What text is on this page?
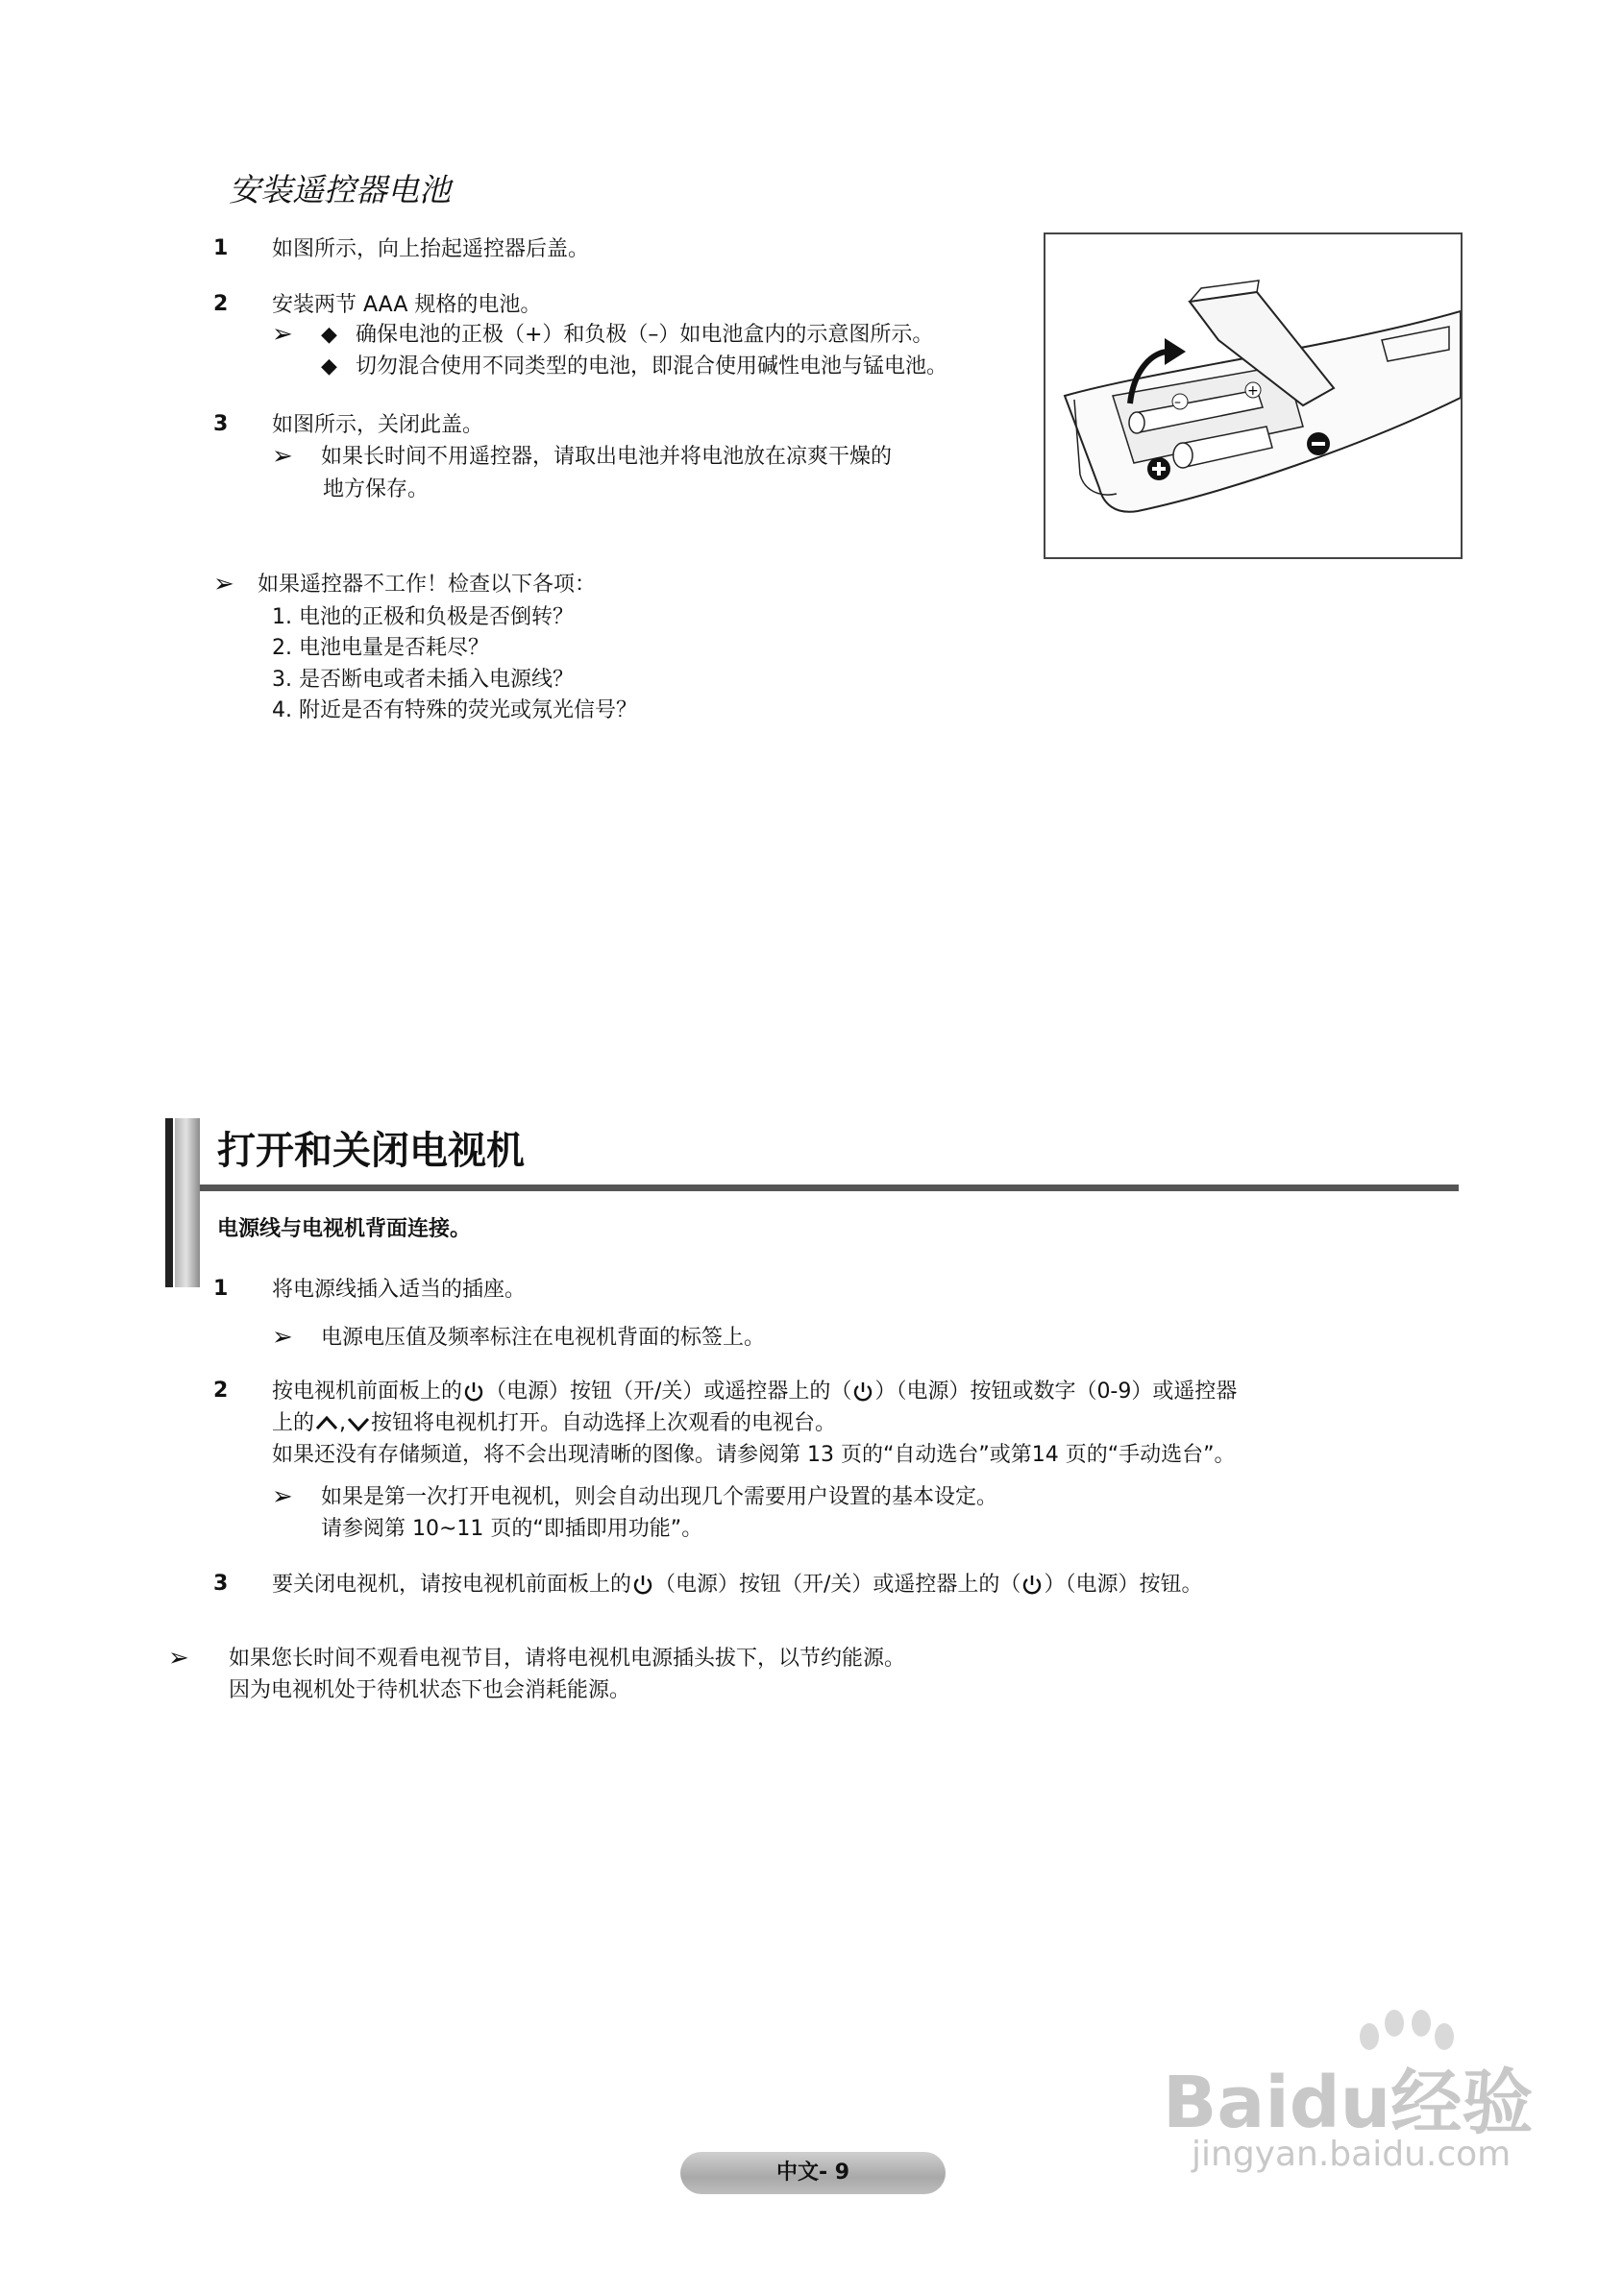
安装遥控器电池
1 如图所示，向上抬起遥控器后盖。
2 安装两节 AAA 规格的电池。
➢ ◆ 确保电池的正极（+）和负极（–）如电池盒内的示意图所示。
◆ 切勿混合使用不同类型的电池，即混合使用碱性电池与锰电池。
3 如图所示，关闭此盖。
➢ 如果长时间不用遥控器，请取出电池并将电池放在凉爽干燥的
地方保存。
–
+
➢ 如果遥控器不工作！检查以下各项：
1. 电池的正极和负极是否倒转？
2. 电池电量是否耗尽？
3. 是否断电或者未插入电源线？
4. 附近是否有特殊的荧光或氖光信号？
打开和关闭电视机
电源线与电视机背面连接。
1 将电源线插入适当的插座。
➢ 电源电压值及频率标注在电视机背面的标签上。
2 按电视机前面板上的 （电源）按钮（开/关）或遥控器上的（ ）（电源）按钮或数字（0-9）或遥控器
上的 , 按钮将电视机打开。自动选择上次观看的电视台。
如果还没有存储频道，将不会出现清晰的图像。请参阅第 13 页的“自动选台”或第14 页的“手动选台”。
➢ 如果是第一次打开电视机，则会自动出现几个需要用户设置的基本设定。
请参阅第 10~11 页的“即插即用功能”。
3 要关闭电视机，请按电视机前面板上的 （电源）按钮（开/关）或遥控器上的（ ）（电源）按钮。
➢ 如果您长时间不观看电视节目，请将电视机电源插头拔下，以节约能源。
因为电视机处于待机状态下也会消耗能源。
Baidu经验
jingyan.baidu.com
中文- 9
